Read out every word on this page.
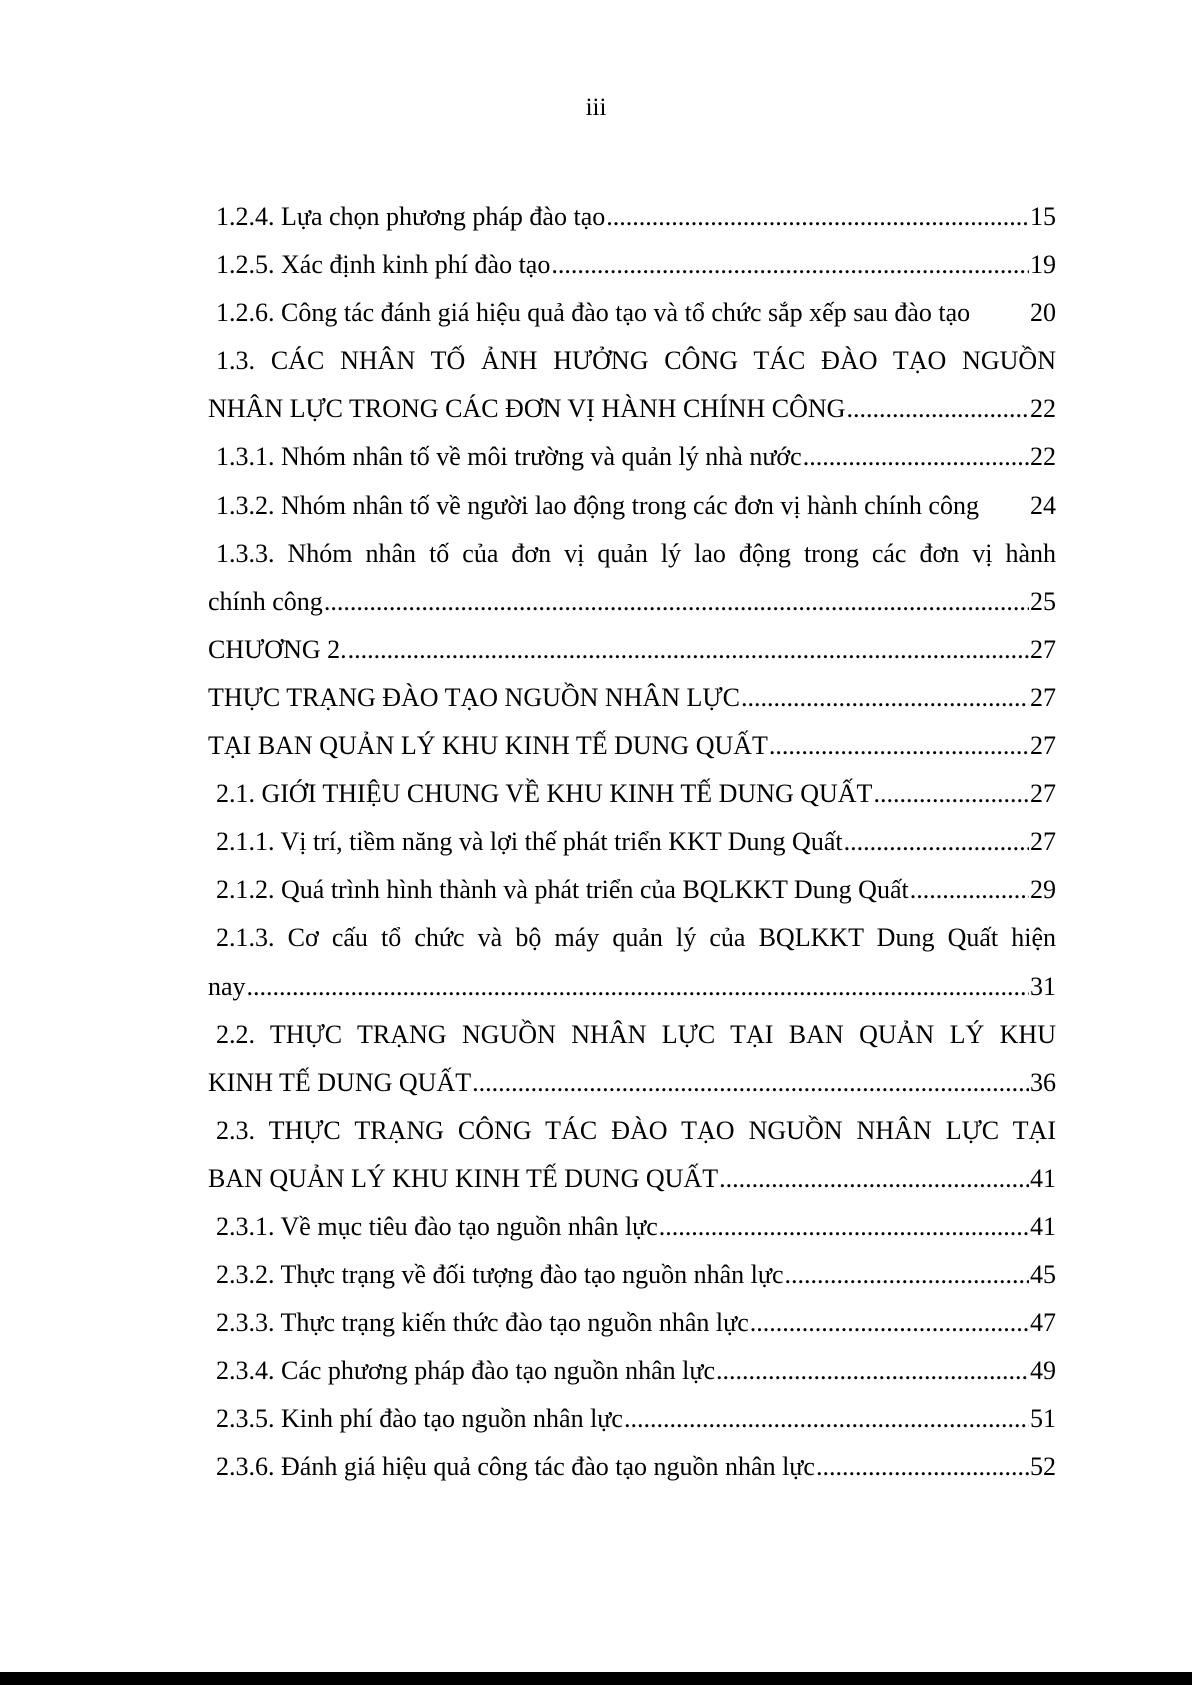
iii
1.2.4. Lựa chọn phương pháp đào tạo .....	15
1.2.5. Xác định kinh phí đào tạo .....	19
1.2.6. Công tác đánh giá hiệu quả đào tạo và tổ chức sắp xếp sau đào tạo	20
1.3. CÁC NHÂN TỐ ẢNH HƯỞNG CÔNG TÁC ĐÀO TẠO NGUỒN
NHÂN LỰC TRONG CÁC ĐƠN VỊ HÀNH CHÍNH CÔNG .....	22
1.3.1. Nhóm nhân tố về môi trường và quản lý nhà nước .....	22
1.3.2. Nhóm nhân tố về người lao động trong các đơn vị hành chính công	24
1.3.3. Nhóm nhân tố của đơn vị quản lý lao động trong các đơn vị hành
chính công .....	25
CHƯƠNG 2. .....	27
THỰC TRẠNG ĐÀO TẠO NGUỒN NHÂN LỰC .....	27
TẠI BAN QUẢN LÝ KHU KINH TẾ DUNG QUẤT .....	27
2.1. GIỚI THIỆU CHUNG VỀ KHU KINH TẾ DUNG QUẤT .....	27
2.1.1. Vị trí, tiềm năng và lợi thế phát triển KKT Dung Quất .....	27
2.1.2. Quá trình hình thành và phát triển của BQLKKT Dung Quất .....	29
2.1.3. Cơ cấu tổ chức và bộ máy quản lý của BQLKKT Dung Quất hiện
nay .....	31
2.2. THỰC TRẠNG NGUỒN NHÂN LỰC TẠI BAN QUẢN LÝ KHU
KINH TẾ DUNG QUẤT .....	36
2.3. THỰC TRẠNG CÔNG TÁC ĐÀO TẠO NGUỒN NHÂN LỰC TẠI
BAN QUẢN LÝ KHU KINH TẾ DUNG QUẤT .....	41
2.3.1. Về mục tiêu đào tạo nguồn nhân lực .....	41
2.3.2. Thực trạng về đối tượng đào tạo nguồn nhân lực .....	45
2.3.3. Thực trạng kiến thức đào tạo nguồn nhân lực .....	47
2.3.4. Các phương pháp đào tạo nguồn nhân lực .....	49
2.3.5. Kinh phí đào tạo nguồn nhân lực .....	51
2.3.6. Đánh giá hiệu quả công tác đào tạo nguồn nhân lực .....	52
